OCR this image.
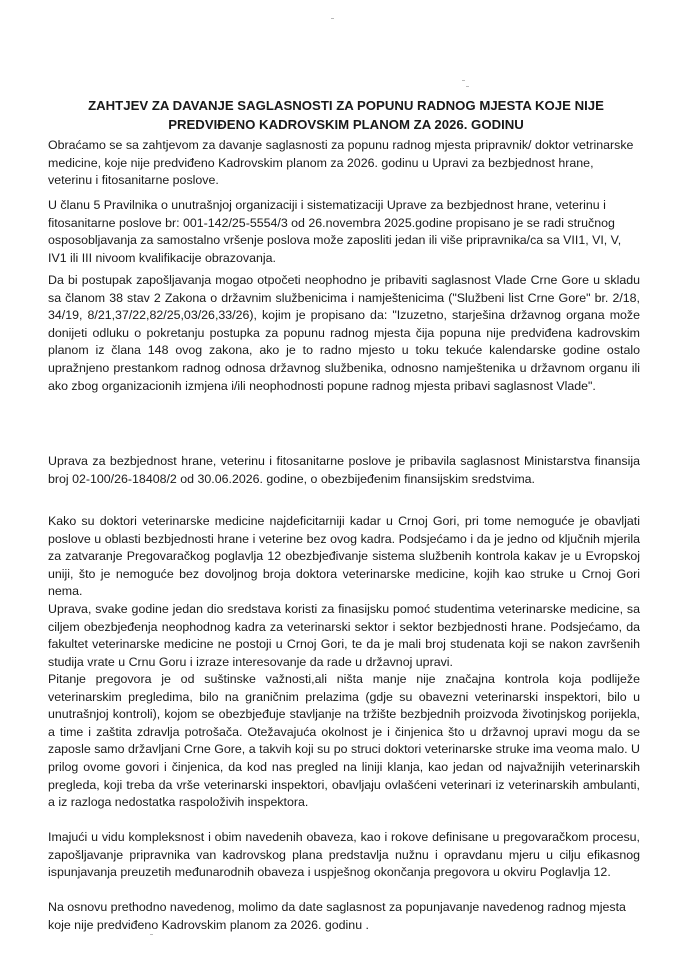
ZAHTJEV ZA DAVANJE SAGLASNOSTI ZA POPUNU RADNOG MJESTA KOJE NIJE
PREDVIĐENO KADROVSKIM PLANOM ZA 2026. GODINU

Obraćamo se sa zahtjevom za davanje saglasnosti za popunu radnog mjesta pripravnik/ doktor vetrinarske medicine, koje nije predviđeno Kadrovskim planom za 2026. godinu u Upravi za bezbjednost hrane, veterinu i fitosanitarne poslove.

U članu 5 Pravilnika o unutrašnjoj organizaciji i sistematizaciji Uprave za bezbjednost hrane, veterinu i fitosanitarne poslove br: 001-142/25-5554/3 od 26.novembra 2025.godine propisano je se radi stručnog osposobljavanja za samostalno vršenje poslova može zaposliti jedan ili više pripravnika/ca sa VII1, VI, V, IV1 ili III nivoom kvalifikacije obrazovanja.

Da bi postupak zapošljavanja mogao otpočeti neophodno je pribaviti saglasnost Vlade Crne Gore u skladu sa članom 38 stav 2 Zakona o državnim službenicima i namještenicima ("Službeni list Crne Gore" br. 2/18, 34/19, 8/21,37/22,82/25,03/26,33/26), kojim je propisano da: "Izuzetno, starješina državnog organa može donijeti odluku o pokretanju postupka za popunu radnog mjesta čija popuna nije predviđena kadrovskim planom iz člana 148 ovog zakona, ako je to radno mjesto u toku tekuće kalendarske godine ostalo upražnjeno prestankom radnog odnosa državnog službenika, odnosno namještenika u državnom organu ili ako zbog organizacionih izmjena i/ili neophodnosti popune radnog mjesta pribavi saglasnost Vlade".

Uprava za bezbjednost hrane, veterinu i fitosanitarne poslove je pribavila saglasnost Ministarstva finansija broj 02-100/26-18408/2 od 30.06.2026. godine, o obezbijeđenim finansijskim sredstvima.

Kako su doktori veterinarske medicine najdeficitarniji kadar u Crnoj Gori, pri tome nemoguće je obavljati poslove u oblasti bezbjednosti hrane i veterine bez ovog kadra. Podsjećamo i da je jedno od ključnih mjerila za zatvaranje Pregovaračkog poglavlja 12 obezbjeđivanje sistema službenih kontrola kakav je u Evropskoj uniji, što je nemoguće bez dovoljnog broja doktora veterinarske medicine, kojih kao struke u Crnoj Gori nema.

Uprava, svake godine jedan dio sredstava koristi za finasijsku pomoć studentima veterinarske medicine, sa ciljem obezbjeđenja neophodnog kadra za veterinarski sektor i sektor bezbjednosti hrane. Podsjećamo, da fakultet veterinarske medicine ne postoji u Crnoj Gori, te da je mali broj studenata koji se nakon završenih studija vrate u Crnu Goru i izraze interesovanje da rade u državnoj upravi.

Pitanje pregovora je od suštinske važnosti,ali ništa manje nije značajna kontrola koja podliježe veterinarskim pregledima, bilo na graničnim prelazima (gdje su obavezni veterinarski inspektori, bilo u unutrašnjoj kontroli), kojom se obezbjeđuje stavljanje na tržište bezbjednih proizvoda životinjskog porijekla, a time i zaštita zdravlja potrošača. Otežavajuća okolnost je i činjenica što u državnoj upravi mogu da se zaposle samo državljani Crne Gore, a takvih koji su po struci doktori veterinarske struke ima veoma malo. U prilog ovome govori i činjenica, da kod nas pregled na liniji klanja, kao jedan od najvažnijih veterinarskih pregleda, koji treba da vrše veterinarski inspektori, obavljaju ovlašćeni veterinari iz veterinarskih ambulanti, a iz razloga nedostatka raspoloživih inspektora.

Imajući u vidu kompleksnost i obim navedenih obaveza, kao i rokove definisane u pregovaračkom procesu, zapošljavanje pripravnika van kadrovskog plana predstavlja nužnu i opravdanu mjeru u cilju efikasnog ispunjavanja preuzetih međunarodnih obaveza i uspješnog okončanja pregovora u okviru Poglavlja 12.

Na osnovu prethodno navedenog, molimo da date saglasnost za popunjavanje navedenog radnog mjesta koje nije predviđeno Kadrovskim planom za 2026. godinu .
